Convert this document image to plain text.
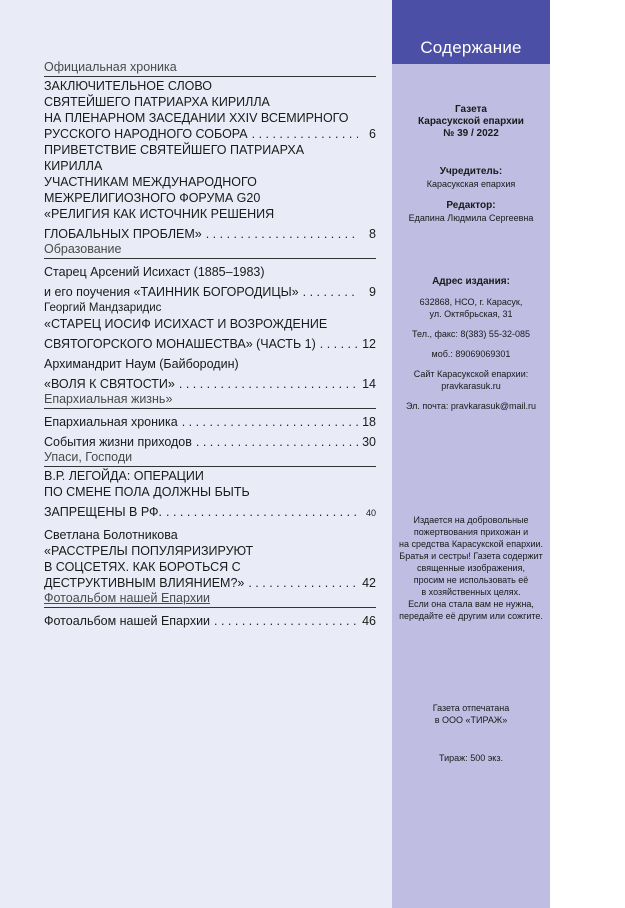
Содержание
Официальная хроника
ЗАКЛЮЧИТЕЛЬНОЕ СЛОВО
СВЯТЕЙШЕГО ПАТРИАРХА КИРИЛЛА
НА ПЛЕНАРНОМ ЗАСЕДАНИИ XXIV ВСЕМИРНОГО
РУССКОГО НАРОДНОГО СОБОРА . . .	6
ПРИВЕТСТВИЕ СВЯТЕЙШЕГО ПАТРИАРХА
КИРИЛЛА
УЧАСТНИКАМ МЕЖДУНАРОДНОГО
МЕЖРЕЛИГИОЗНОГО ФОРУМА G20
«РЕЛИГИЯ КАК ИСТОЧНИК РЕШЕНИЯ
ГЛОБАЛЬНЫХ ПРОБЛЕМ» . . .	8
Образование
Старец Арсений Исихаст (1885–1983)
и его поучения «ТАИННИК БОГОРОДИЦЫ» . . .	9
Георгий Мандзаридис
«СТАРЕЦ ИОСИФ ИСИХАСТ И ВОЗРОЖДЕНИЕ
СВЯТОГОРСКОГО МОНАШЕСТВА» (ЧАСТЬ 1) . . .	12
Архимандрит Наум (Байбородин)
«ВОЛЯ К СВЯТОСТИ» . . .	14
Епархиальная жизнь»
Епархиальная хроника . . .	18
События жизни приходов . . .	30
Упаси, Господи
В.Р. ЛЕГОЙДА: ОПЕРАЦИИ
ПО СМЕНЕ ПОЛА ДОЛЖНЫ БЫТЬ
ЗАПРЕЩЕНЫ В РФ. . . .	40
Светлана Болотникова
«РАССТРЕЛЫ ПОПУЛЯРИЗИРУЮТ
В СОЦСЕТЯХ. КАК БОРОТЬСЯ С
ДЕСТРУКТИВНЫМ ВЛИЯНИЕМ?» . . .	42
Фотоальбом нашей Епархии
Фотоальбом нашей Епархии . . .	46
Газета
Карасукской епархии
№ 39 / 2022
Учредитель:
Карасукская епархия
Редактор:
Едапина Людмила Сергеевна
Адрес издания:
632868, НСО, г. Карасук,
ул. Октябрьская, 31
Тел., факс: 8(383) 55-32-085
моб.: 89069069301
Сайт Карасукской епархии:
pravkarasuk.ru
Эл. почта: pravkarasuk@mail.ru
Издается на добровольные
пожертвования прихожан и
на средства Карасукской епархии.
Братья и сестры! Газета содержит
священные изображения,
просим не использовать её
в хозяйственных целях.
Если она стала вам не нужна,
передайте её другим или сожгите.
Газета отпечатана
в ООО «ТИРАЖ»
Тираж: 500 экз.
